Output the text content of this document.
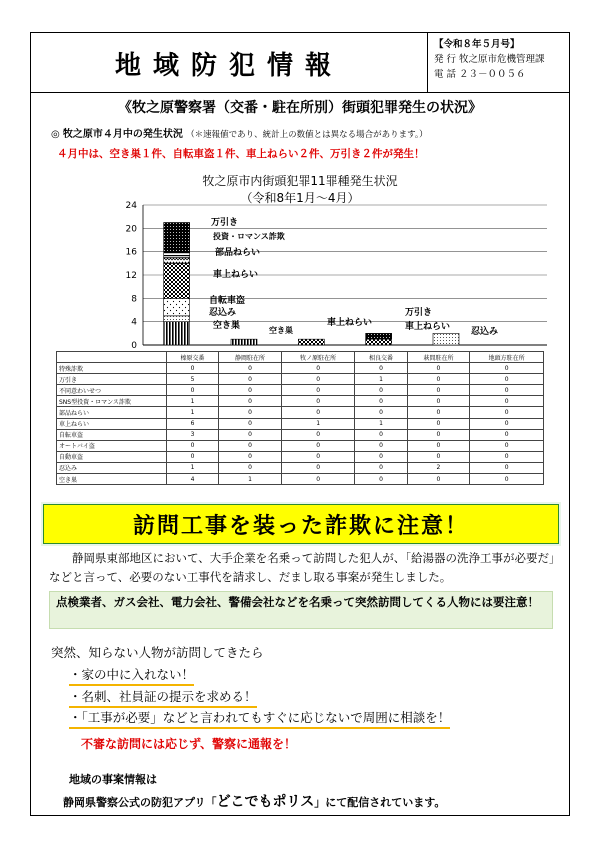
地域防犯情報
【令和８年５月号】
発 行 牧之原市危機管理課
電 話 ２３－００５６
《牧之原警察署（交番・駐在所別）街頭犯罪発生の状況》
◎ 牧之原市４月中の発生状況 （＊速報値であり、統計上の数値とは異なる場合があります。）
４月中は、空き巣１件、自転車盗１件、車上ねらい２件、万引き２件が発生！
牧之原市内街頭犯罪11罪種発生状況
（令和8年1月～4月）
0
4
8
12
16
20
24
万引き
投資・ロマンス詐欺
部品ねらい
車上ねらい
自転車盗
忍込み
空き巣	空き巣
車上ねらい
万引き
車上ねらい 忍込み
	榛原交番	静岡駐在所	牧ノ原駐在所	相良交番	萩間駐在所	地頭方駐在所
特殊詐欺	0	0	0	0	0	0
万引き	5	0	0	1	0	0
不同意わいせつ	0	0	0	0	0	0
SNS型投資・ロマンス詐欺	1	0	0	0	0	0
部品ねらい	1	0	0	0	0	0
車上ねらい	6	0	1	1	0	0
自転車盗	3	0	0	0	0	0
オートバイ盗	0	0	0	0	0	0
自動車盗	0	0	0	0	0	0
忍込み	1	0	0	0	2	0
空き巣	4	1	0	0	0	0
訪問工事を装った詐欺に注意！
静岡県東部地区において、大手企業を名乗って訪問した犯人が、「給湯器の洗浄工事が必要だ」などと言って、必要のない工事代を請求し、だまし取る事案が発生しました。
点検業者、ガス会社、電力会社、警備会社などを名乗って突然訪問してくる人物には要注意！
突然、知らない人物が訪問してきたら
・家の中に入れない！
・名刺、社員証の提示を求める！
・「工事が必要」などと言われてもすぐに応じないで周囲に相談を！
不審な訪問には応じず、警察に通報を！
地域の事案情報は
静岡県警察公式の防犯アプリ「どこでもポリス」にて配信されています。
